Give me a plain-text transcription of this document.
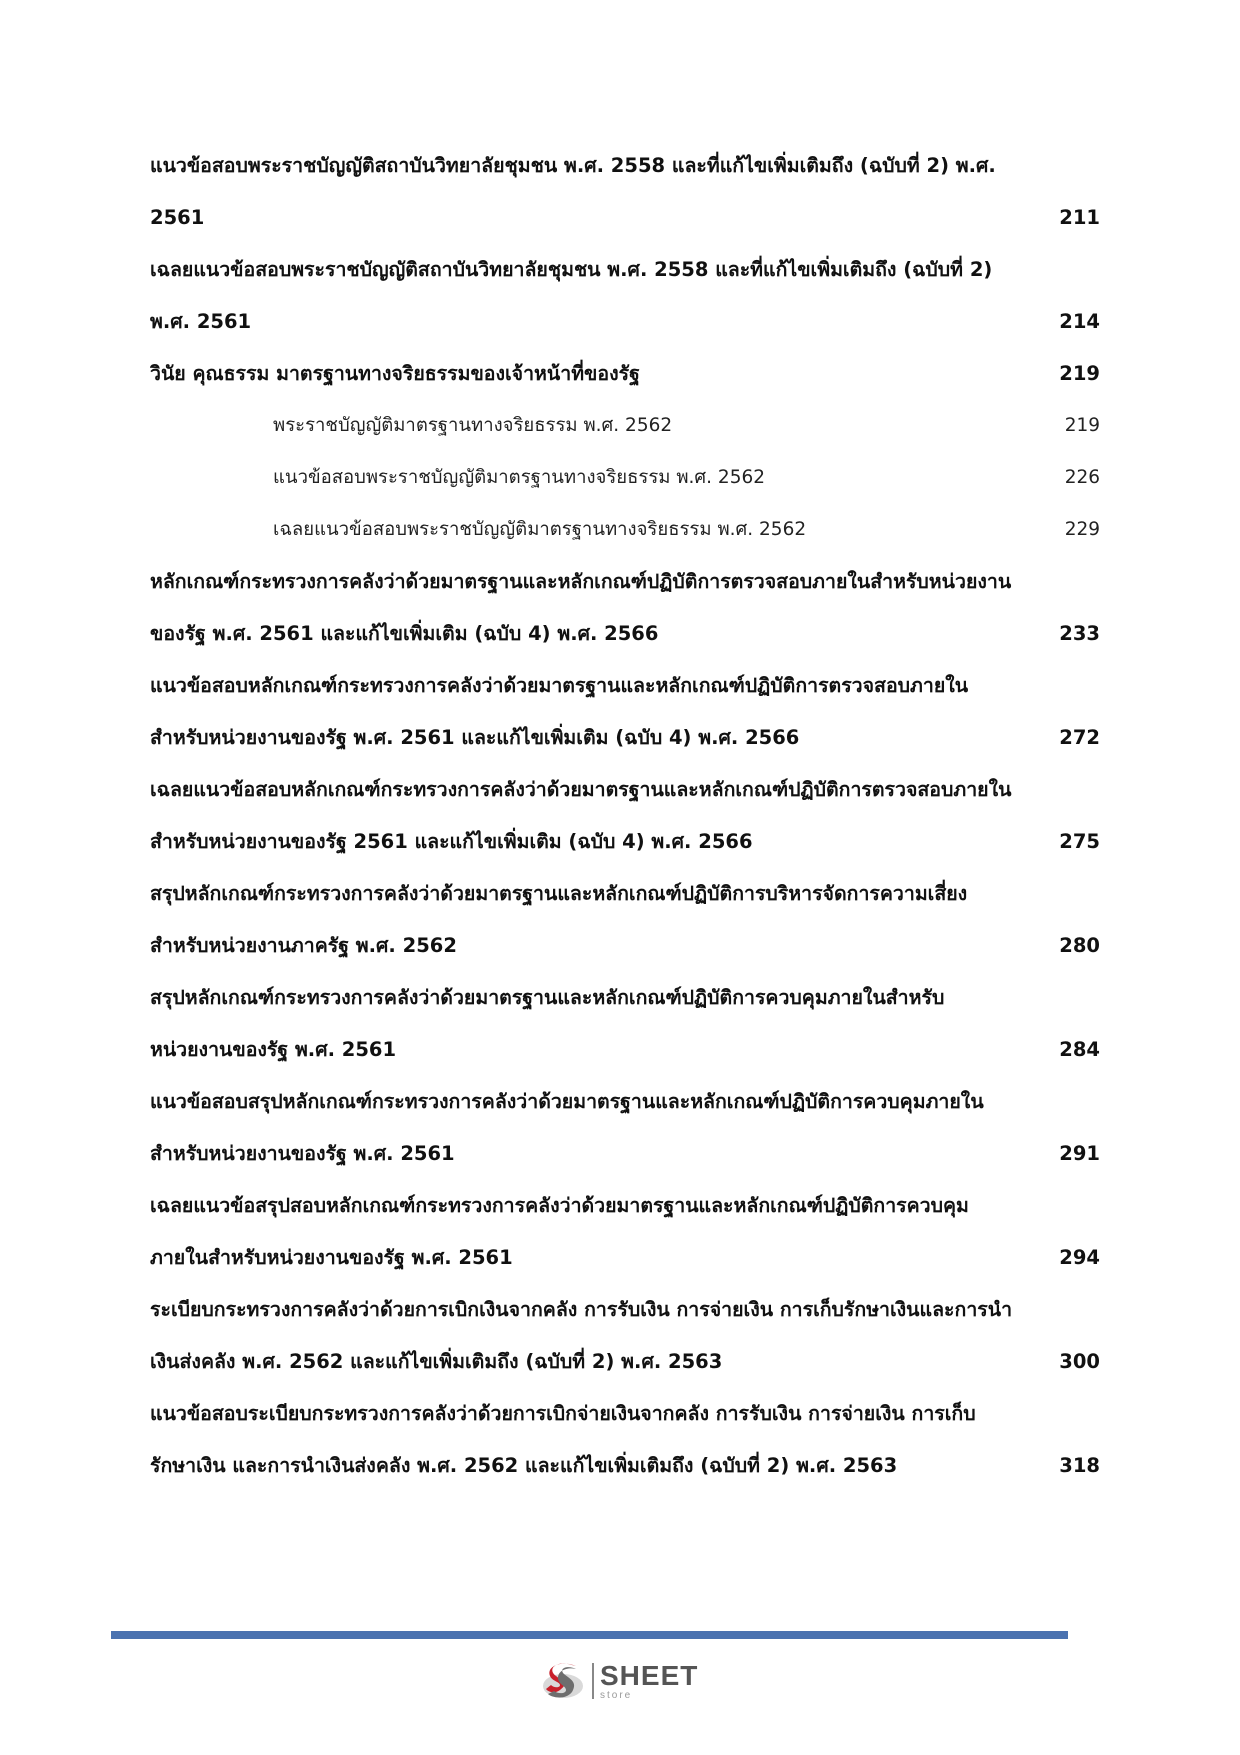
แนวข้อสอบพระราชบัญญัติสถาบันวิทยาลัยชุมชน พ.ศ. 2558 และที่แก้ไขเพิ่มเติมถึง (ฉบับที่ 2) พ.ศ.
2561 . . .	211
เฉลยแนวข้อสอบพระราชบัญญัติสถาบันวิทยาลัยชุมชน พ.ศ. 2558 และที่แก้ไขเพิ่มเติมถึง (ฉบับที่ 2)
พ.ศ. 2561 . . .	214
วินัย คุณธรรม มาตรฐานทางจริยธรรมของเจ้าหน้าที่ของรัฐ . . .	219
พระราชบัญญัติมาตรฐานทางจริยธรรม พ.ศ. 2562 . . .	219
แนวข้อสอบพระราชบัญญัติมาตรฐานทางจริยธรรม พ.ศ. 2562 . . .	226
เฉลยแนวข้อสอบพระราชบัญญัติมาตรฐานทางจริยธรรม พ.ศ. 2562 . . .	229
หลักเกณฑ์กระทรวงการคลังว่าด้วยมาตรฐานและหลักเกณฑ์ปฏิบัติการตรวจสอบภายในสำหรับหน่วยงาน
ของรัฐ พ.ศ. 2561 และแก้ไขเพิ่มเติม (ฉบับ 4) พ.ศ. 2566 . . .	233
แนวข้อสอบหลักเกณฑ์กระทรวงการคลังว่าด้วยมาตรฐานและหลักเกณฑ์ปฏิบัติการตรวจสอบภายใน
สำหรับหน่วยงานของรัฐ พ.ศ. 2561 และแก้ไขเพิ่มเติม (ฉบับ 4) พ.ศ. 2566 . . .	272
เฉลยแนวข้อสอบหลักเกณฑ์กระทรวงการคลังว่าด้วยมาตรฐานและหลักเกณฑ์ปฏิบัติการตรวจสอบภายใน
สำหรับหน่วยงานของรัฐ 2561 และแก้ไขเพิ่มเติม (ฉบับ 4) พ.ศ. 2566 . . .	275
สรุปหลักเกณฑ์กระทรวงการคลังว่าด้วยมาตรฐานและหลักเกณฑ์ปฏิบัติการบริหารจัดการความเสี่ยง
สำหรับหน่วยงานภาครัฐ พ.ศ. 2562 . . .	280
สรุปหลักเกณฑ์กระทรวงการคลังว่าด้วยมาตรฐานและหลักเกณฑ์ปฏิบัติการควบคุมภายในสำหรับ
หน่วยงานของรัฐ พ.ศ. 2561 . . .	284
แนวข้อสอบสรุปหลักเกณฑ์กระทรวงการคลังว่าด้วยมาตรฐานและหลักเกณฑ์ปฏิบัติการควบคุมภายใน
สำหรับหน่วยงานของรัฐ พ.ศ. 2561 . . .	291
เฉลยแนวข้อสรุปสอบหลักเกณฑ์กระทรวงการคลังว่าด้วยมาตรฐานและหลักเกณฑ์ปฏิบัติการควบคุม
ภายในสำหรับหน่วยงานของรัฐ พ.ศ. 2561 . . .	294
ระเบียบกระทรวงการคลังว่าด้วยการเบิกเงินจากคลัง การรับเงิน การจ่ายเงิน การเก็บรักษาเงินและการนำ
เงินส่งคลัง พ.ศ. 2562 และแก้ไขเพิ่มเติมถึง (ฉบับที่ 2) พ.ศ. 2563 . . .	300
แนวข้อสอบระเบียบกระทรวงการคลังว่าด้วยการเบิกจ่ายเงินจากคลัง การรับเงิน การจ่ายเงิน การเก็บ
รักษาเงิน และการนำเงินส่งคลัง พ.ศ. 2562 และแก้ไขเพิ่มเติมถึง (ฉบับที่ 2) พ.ศ. 2563 . . .	318
SHEET
store
